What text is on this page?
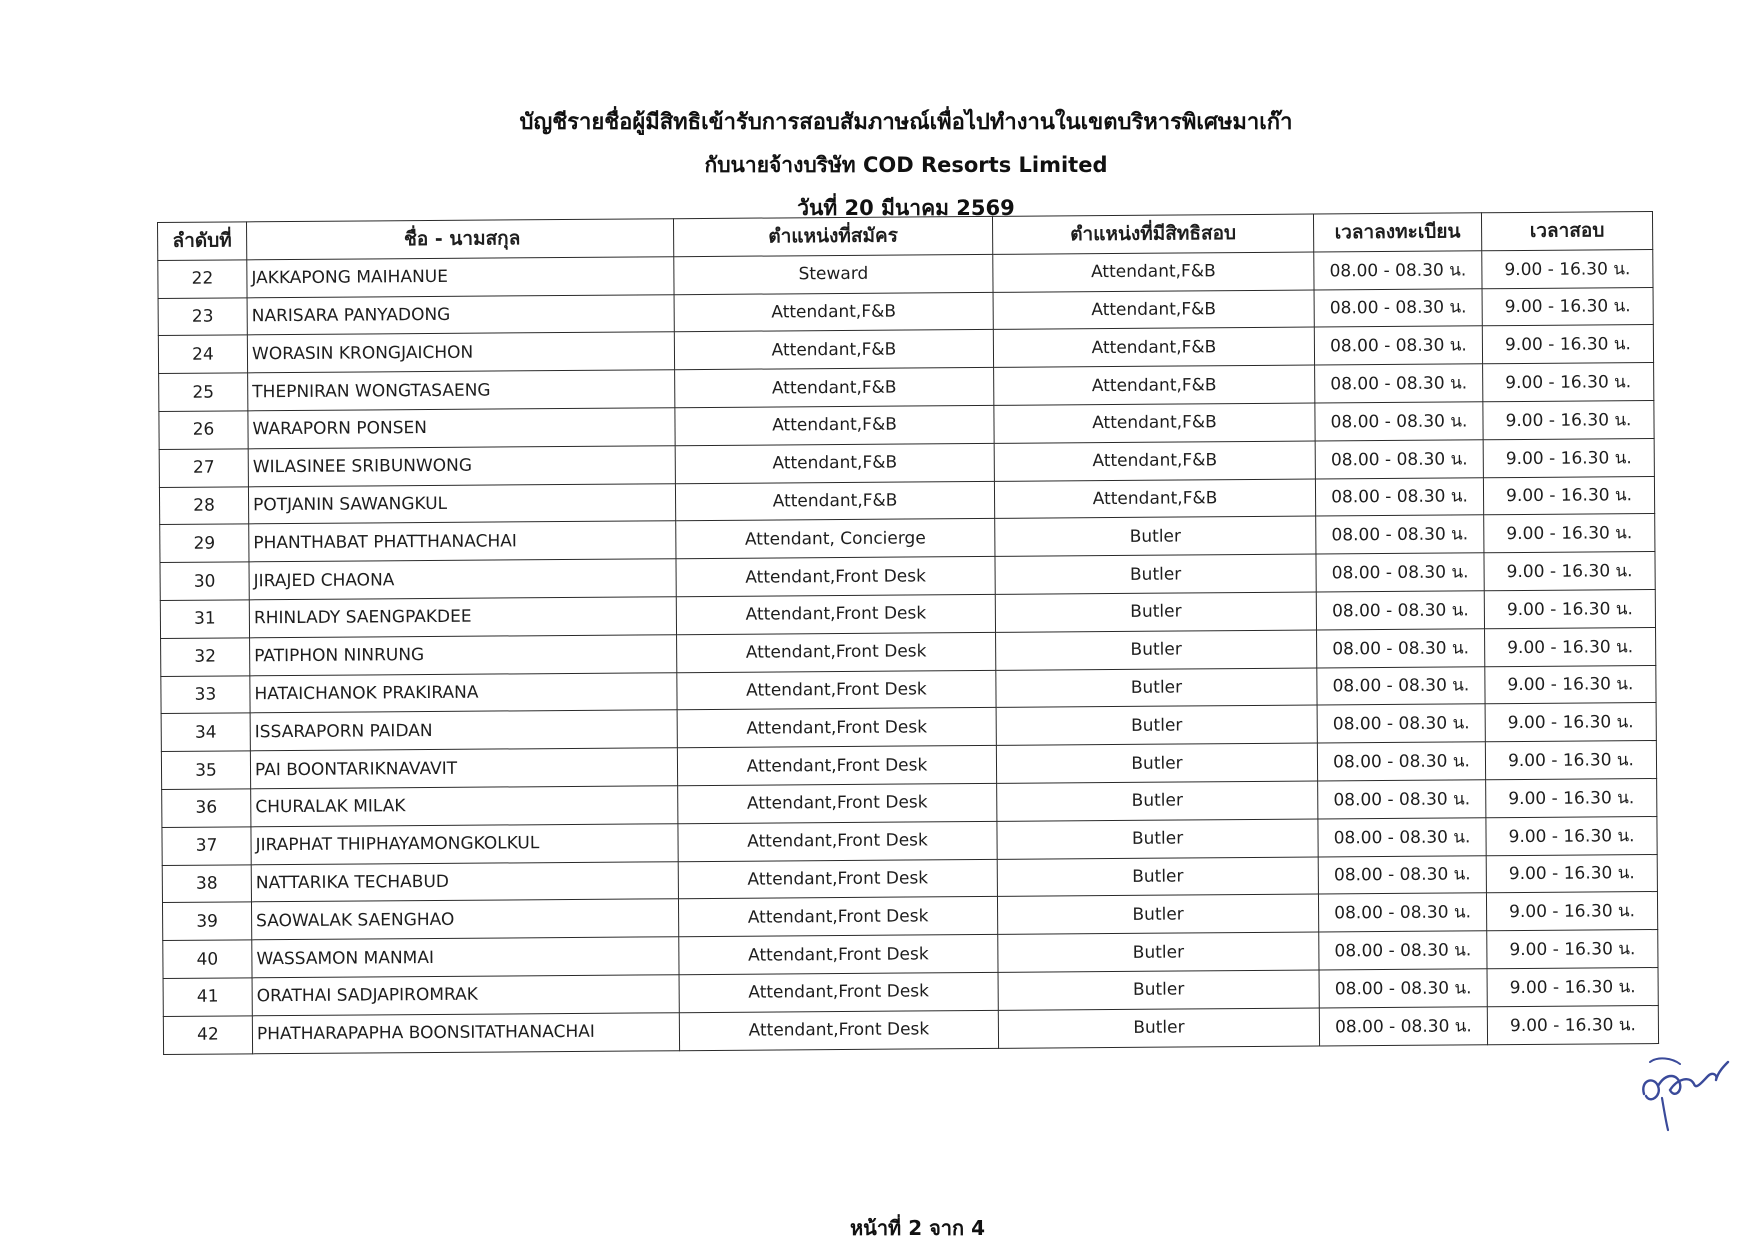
บัญชีรายชื่อผู้มีสิทธิเข้ารับการสอบสัมภาษณ์เพื่อไปทำงานในเขตบริหารพิเศษมาเก๊า
กับนายจ้างบริษัท COD Resorts Limited
วันที่ 20 มีนาคม 2569
ลำดับที่	ชื่อ - นามสกุล	ตำแหน่งที่สมัคร	ตำแหน่งที่มีสิทธิสอบ	เวลาลงทะเบียน	เวลาสอบ
22	JAKKAPONG MAIHANUE	Steward	Attendant,F&B	08.00 - 08.30 น.	9.00 - 16.30 น.
23	NARISARA PANYADONG	Attendant,F&B	Attendant,F&B	08.00 - 08.30 น.	9.00 - 16.30 น.
24	WORASIN KRONGJAICHON	Attendant,F&B	Attendant,F&B	08.00 - 08.30 น.	9.00 - 16.30 น.
25	THEPNIRAN WONGTASAENG	Attendant,F&B	Attendant,F&B	08.00 - 08.30 น.	9.00 - 16.30 น.
26	WARAPORN PONSEN	Attendant,F&B	Attendant,F&B	08.00 - 08.30 น.	9.00 - 16.30 น.
27	WILASINEE SRIBUNWONG	Attendant,F&B	Attendant,F&B	08.00 - 08.30 น.	9.00 - 16.30 น.
28	POTJANIN SAWANGKUL	Attendant,F&B	Attendant,F&B	08.00 - 08.30 น.	9.00 - 16.30 น.
29	PHANTHABAT PHATTHANACHAI	Attendant, Concierge	Butler	08.00 - 08.30 น.	9.00 - 16.30 น.
30	JIRAJED CHAONA	Attendant,Front Desk	Butler	08.00 - 08.30 น.	9.00 - 16.30 น.
31	RHINLADY SAENGPAKDEE	Attendant,Front Desk	Butler	08.00 - 08.30 น.	9.00 - 16.30 น.
32	PATIPHON NINRUNG	Attendant,Front Desk	Butler	08.00 - 08.30 น.	9.00 - 16.30 น.
33	HATAICHANOK PRAKIRANA	Attendant,Front Desk	Butler	08.00 - 08.30 น.	9.00 - 16.30 น.
34	ISSARAPORN PAIDAN	Attendant,Front Desk	Butler	08.00 - 08.30 น.	9.00 - 16.30 น.
35	PAI BOONTARIKNAVAVIT	Attendant,Front Desk	Butler	08.00 - 08.30 น.	9.00 - 16.30 น.
36	CHURALAK MILAK	Attendant,Front Desk	Butler	08.00 - 08.30 น.	9.00 - 16.30 น.
37	JIRAPHAT THIPHAYAMONGKOLKUL	Attendant,Front Desk	Butler	08.00 - 08.30 น.	9.00 - 16.30 น.
38	NATTARIKA TECHABUD	Attendant,Front Desk	Butler	08.00 - 08.30 น.	9.00 - 16.30 น.
39	SAOWALAK SAENGHAO	Attendant,Front Desk	Butler	08.00 - 08.30 น.	9.00 - 16.30 น.
40	WASSAMON MANMAI	Attendant,Front Desk	Butler	08.00 - 08.30 น.	9.00 - 16.30 น.
41	ORATHAI SADJAPIROMRAK	Attendant,Front Desk	Butler	08.00 - 08.30 น.	9.00 - 16.30 น.
42	PHATHARAPAPHA BOONSITATHANACHAI	Attendant,Front Desk	Butler	08.00 - 08.30 น.	9.00 - 16.30 น.
หน้าที่ 2 จาก 4
